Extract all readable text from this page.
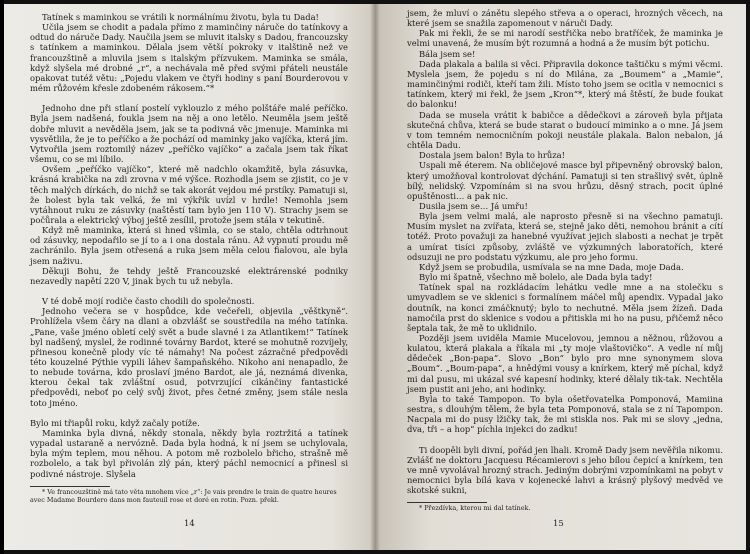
Tatínek s maminkou se vrátili k normálnímu životu, byla tu Dada!

Učila jsem se chodit a padala přímo z maminčiny náruče do tatínkovy a odtud do náruče Dady. Naučila jsem se mluvit italsky s Dadou, francouzsky s tatínkem a maminkou. Dělala jsem větší pokroky v italštině než ve francouzštině a mluvila jsem s italským přízvukem. Maminka se smála, když slyšela mé drobné „r“, a nechávala mě před svými přáteli neustále opakovat tutéž větu: „Pojedu vlakem ve čtyři hodiny s paní Bourderovou v mém růžovém křesle zdobeném rákosem.“*

Jednoho dne při stlaní postelí vyklouzlo z mého polštáře malé peříčko. Byla jsem nadšená, foukla jsem na něj a ono letělo. Neuměla jsem ještě dobře mluvit a nevěděla jsem, jak se ta podivná věc jmenuje. Maminka mi vysvětlila, že je to peříčko a že pochází od maminky jako vajíčka, která jím. Vytvořila jsem roztomilý název „peříčko vajíčko“ a začala jsem tak říkat všemu, co se mi líbilo.

Ovšem „peříčko vajíčko“, které mě nadchlo okamžitě, byla zásuvka, krásná krabička na zdi zrovna v mé výšce. Rozhodla jsem se zjistit, co je v těch malých dírkách, do nichž se tak akorát vejdou mé prstíky. Pamatuji si, že bolest byla tak velká, že mi výkřik uvízl v hrdle! Nemohla jsem vytáhnout ruku ze zásuvky (naštěstí tam bylo jen 110 V). Strachy jsem se počůrala a elektrický výboj ještě zesílil, protože jsem stála v tekutině.

Když mě maminka, která si hned všimla, co se stalo, chtěla odtrhnout od zásuvky, nepodařilo se jí to a i ona dostala ránu. Až vypnutí proudu mě zachránilo. Byla jsem otřesená a ruka jsem měla celou fialovou, ale byla jsem naživu.

Děkuji Bohu, že tehdy ještě Francouzské elektrárenské podniky nezavedly napětí 220 V, jinak bych tu už nebyla.

V té době mojí rodiče často chodili do společnosti.

Jednoho večera se v hospůdce, kde večeřeli, objevila „věštkyně“. Prohlížela všem čáry na dlani a obzvlášť se soustředila na mého tatínka. „Pane, vaše jméno obletí celý svět a bude slavné i za Atlantikem!“ Tatínek byl nadšený, myslel, že rodinné továrny Bardot, které se mohutně rozvíjely, přinesou konečně plody víc té námahy! Na počest zázračné předpovědi této kouzelné Pýthie vypili láhev šampaňského. Nikoho ani nenapadlo, že to nebude továrna, kdo proslaví jméno Bardot, ale já, neznámá divenka, kterou čekal tak zvláštní osud, potvrzující cikánčiny fantastické předpovědi, neboť po celý svůj život, přes četné změny, jsem stále nesla toto jméno.

Bylo mi třiapůl roku, když začaly potíže.

Maminka byla divná, někdy stonala, někdy byla roztržitá a tatínek vypadal ustaraně a nervózně. Dada byla hodná, k ní jsem se uchylovala, byla mým teplem, mou něhou. A potom mě rozbolelo břicho, strašně mě rozbolelo, a tak byl přivolán zlý pán, který páchl nemocnicí a přinesl si podivné nástroje. Slyšela

* Ve francouzštině má tato věta mnohem více „r“: Je vais prendre le train de quatre heures avec Madame Bourdero dans mon fauteuil rose et doré en rotin. Pozn. překl.

14

jsem, že mluví o zánětu slepého střeva a o operaci, hrozných věcech, na které jsem se snažila zapomenout v náruči Dady.

Pak mi řekli, že se mi narodí sestřička nebo bratříček, že maminka je velmi unavená, že musím být rozumná a hodná a že musím být potichu.

Bála jsem se!

Dada plakala a balila si věci. Připravila dokonce taštičku s mými věcmi. Myslela jsem, že pojedu s ní do Milána, za „Boumem“ a „Mamie“, maminčinými rodiči, kteří tam žili. Místo toho jsem se ocitla v nemocnici s tatínkem, který mi řekl, že jsem „Kron“*, který má štěstí, že bude foukat do balonku!

Dada se musela vrátit k babičce a dědečkovi a zároveň byla přijata skutečná chůva, která se bude starat o budoucí miminko a o mne. Já jsem v tom temném nemocničním pokoji neustále plakala. Balon nebalon, já chtěla Dadu.

Dostala jsem balon! Byla to hrůza!

Uspali mě éterem. Na obličejové masce byl připevněný obrovský balon, který umožňoval kontrolovat dýchání. Pamatuji si ten strašlivý svět, úplně bílý, nelidský. Vzpomínám si na svou hrůzu, děsný strach, pocit úplné opuštěnosti… a pak nic.

Dusila jsem se… Já umřu!

Byla jsem velmi malá, ale naprosto přesně si na všechno pamatuji. Musím myslet na zvířata, která se, stejně jako děti, nemohou bránit a cítí totéž. Proto považuji za hanebné využívat jejich slabosti a nechat je trpět a umírat tisíci způsoby, zvláště ve výzkumných laboratořích, které odsuzuji ne pro podstatu výzkumu, ale pro jeho formu.

Když jsem se probudila, usmívala se na mne Dada, moje Dada.

Bylo mi špatně, všechno mě bolelo, ale Dada byla tady!

Tatínek spal na rozkládacím lehátku vedle mne a na stolečku s umyvadlem se ve sklenici s formalínem máčel můj apendix. Vypadal jako doutník, na konci zmáčknutý; bylo to nechutné. Měla jsem žízeň. Dada namočila prst do sklenice s vodou a přitiskla mi ho na pusu, přičemž něco šeptala tak, že mě to uklidnilo.

Později jsem uviděla Mamie Mucelovou, jemnou a něžnou, růžovou a kulatou, která plakala a říkala mi „ty moje vlaštovičko“. A vedle ní můj dědeček „Bon-papa“. Slovo „Bon“ bylo pro mne synonymem slova „Boum“. „Boum-papa“, a hnědými vousy a knírkem, který mě píchal, když mi dal pusu, mi ukázal své kapesní hodinky, které dělaly tik-tak. Nechtěla jsem pustit ani jeho, ani hodinky.

Byla to také Tampopon. To byla ošetřovatelka Pomponová, Mamiina sestra, s dlouhým tělem, že byla teta Pomponová, stala se z ní Tapompon. Nacpala mi do pusy lžičky tak, že mi stiskla nos. Pak mi se slovy „jedna, dva, tři – a hop“ píchla injekci do zadku!

Ti doopěli byli divní, pořád jen lhali. Kromě Dady jsem nevěřila nikomu. Zvlášť ne doktoru Jacquesu Récamierovi s jeho bílou čepicí a knírkem, ten ve mně vyvolával hrozný strach. Jediným dobrými vzpomínkami na pobyt v nemocnici byla bílá kava v kojenecké lahvi a krásný plyšový medvěd ve skotské sukni,

* Přezdívka, kterou mi dal tatínek.

15
